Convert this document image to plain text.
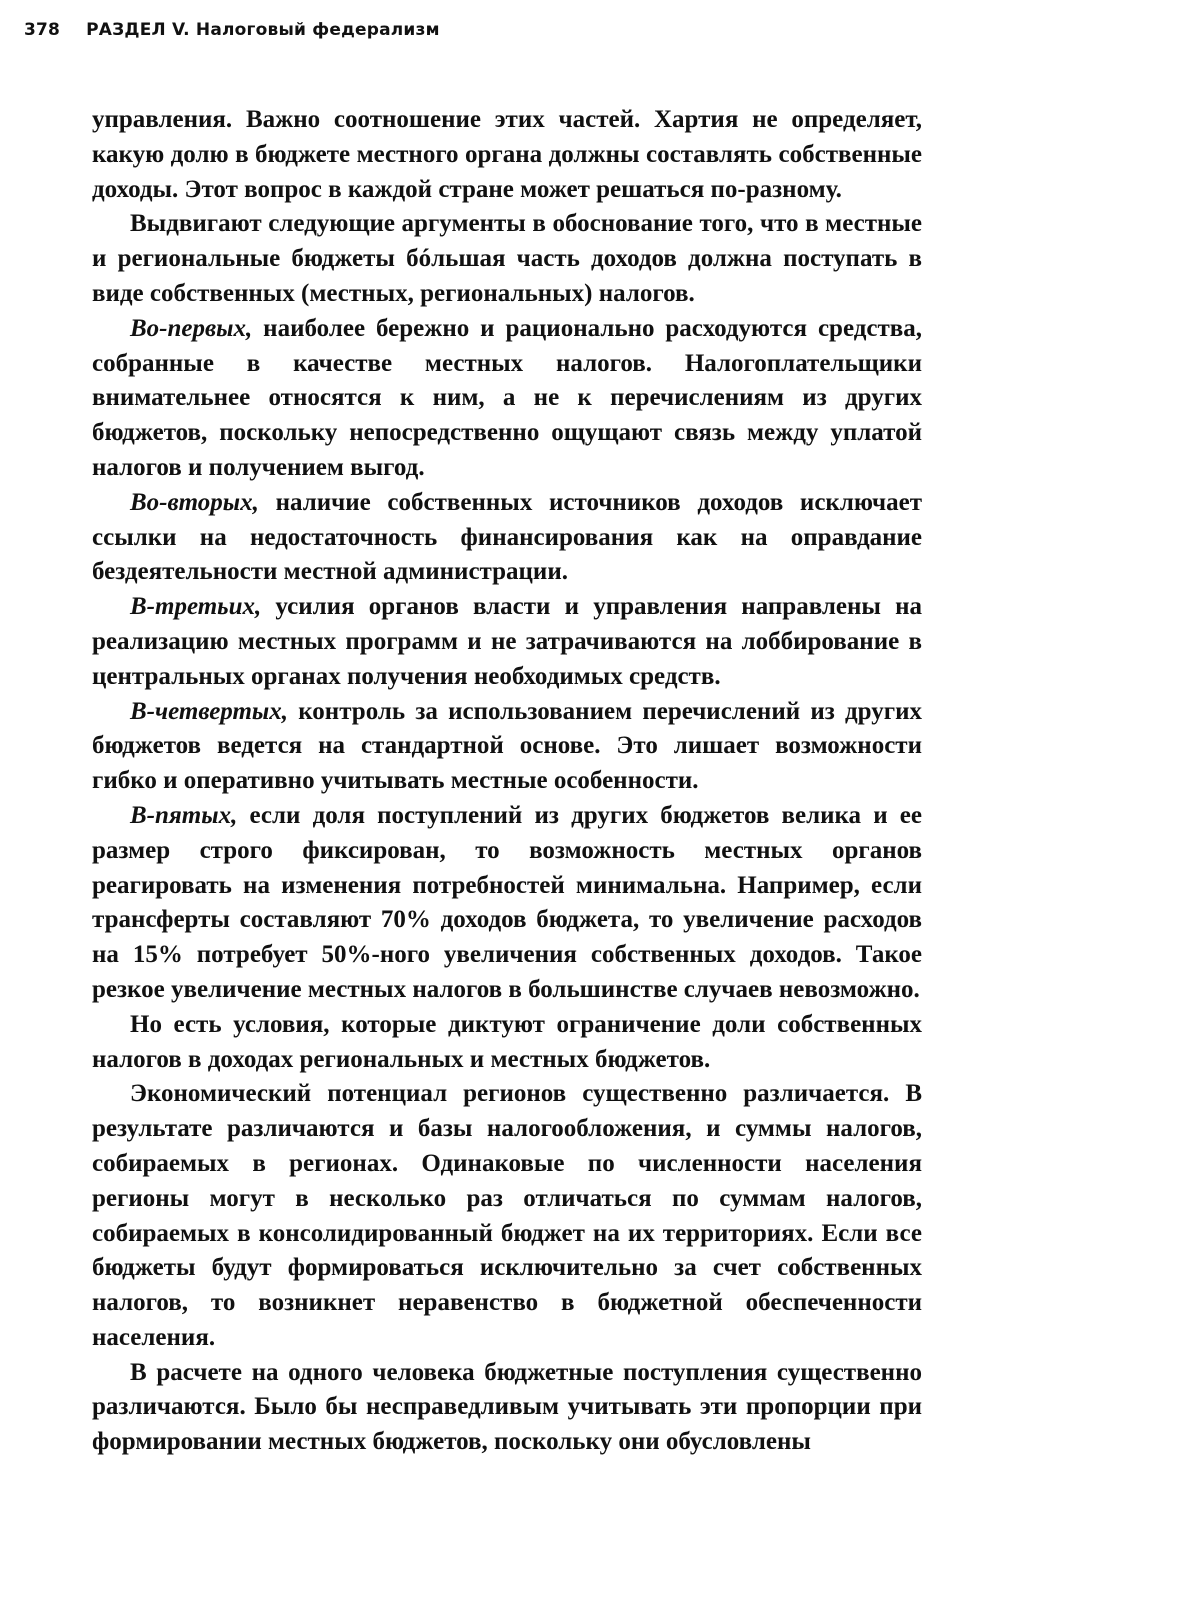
378 РАЗДЕЛ V. Налоговый федерализм

управления. Важно соотношение этих частей. Хартия не определяет, какую долю в бюджете местного органа должны составлять собственные доходы. Этот вопрос в каждой стране может решаться по-разному.

Выдвигают следующие аргументы в обоснование того, что в местные и региональные бюджеты бóльшая часть доходов должна поступать в виде собственных (местных, региональных) налогов.

Во-первых, наиболее бережно и рационально расходуются средства, собранные в качестве местных налогов. Налогоплательщики внимательнее относятся к ним, а не к перечислениям из других бюджетов, поскольку непосредственно ощущают связь между уплатой налогов и получением выгод.

Во-вторых, наличие собственных источников доходов исключает ссылки на недостаточность финансирования как на оправдание бездеятельности местной администрации.

В-третьих, усилия органов власти и управления направлены на реализацию местных программ и не затрачиваются на лоббирование в центральных органах получения необходимых средств.

В-четвертых, контроль за использованием перечислений из других бюджетов ведется на стандартной основе. Это лишает возможности гибко и оперативно учитывать местные особенности.

В-пятых, если доля поступлений из других бюджетов велика и ее размер строго фиксирован, то возможность местных органов реагировать на изменения потребностей минимальна. Например, если трансферты составляют 70% доходов бюджета, то увеличение расходов на 15% потребует 50%-ного увеличения собственных доходов. Такое резкое увеличение местных налогов в большинстве случаев невозможно.

Но есть условия, которые диктуют ограничение доли собственных налогов в доходах региональных и местных бюджетов.

Экономический потенциал регионов существенно различается. В результате различаются и базы налогообложения, и суммы налогов, собираемых в регионах. Одинаковые по численности населения регионы могут в несколько раз отличаться по суммам налогов, собираемых в консолидированный бюджет на их территориях. Если все бюджеты будут формироваться исключительно за счет собственных налогов, то возникнет неравенство в бюджетной обеспеченности населения.

В расчете на одного человека бюджетные поступления существенно различаются. Было бы несправедливым учитывать эти пропорции при формировании местных бюджетов, поскольку они обусловлены
